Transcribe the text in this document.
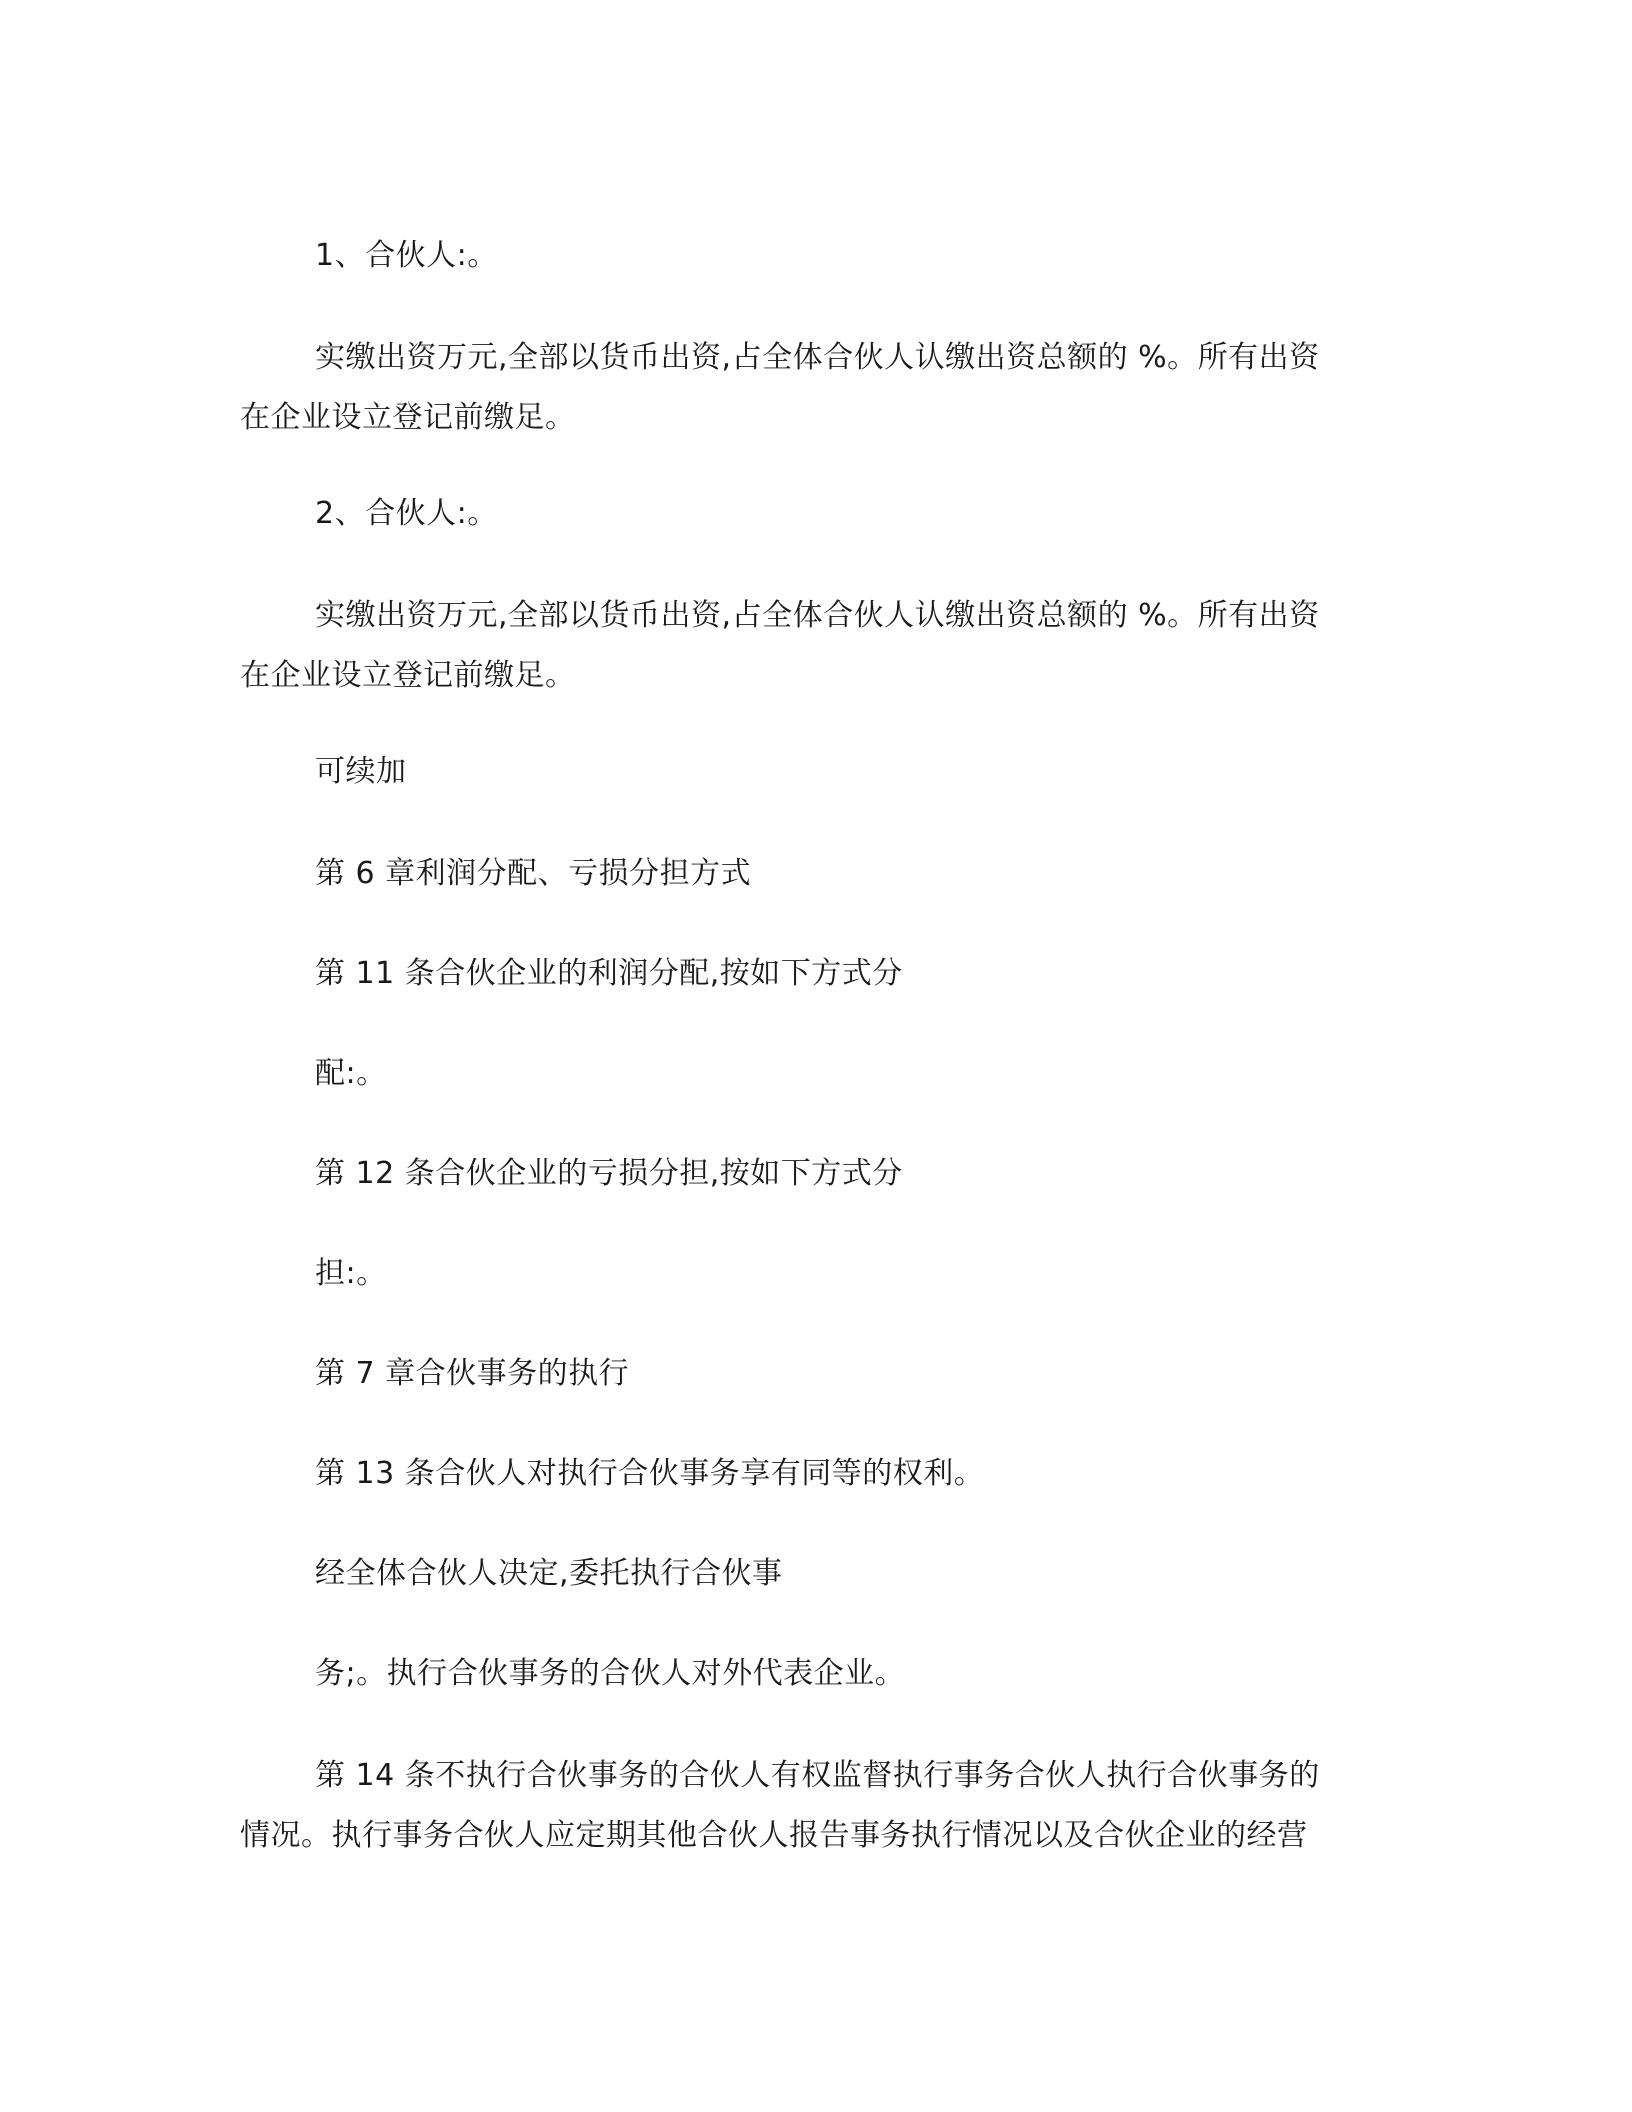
1、合伙人:。

实缴出资万元,全部以货币出资,占全体合伙人认缴出资总额的 %。所有出资

在企业设立登记前缴足。

2、合伙人:。

实缴出资万元,全部以货币出资,占全体合伙人认缴出资总额的 %。所有出资

在企业设立登记前缴足。

可续加

第 6 章利润分配、亏损分担方式

第 11 条合伙企业的利润分配,按如下方式分

配:。

第 12 条合伙企业的亏损分担,按如下方式分

担:。

第 7 章合伙事务的执行

第 13 条合伙人对执行合伙事务享有同等的权利。

经全体合伙人决定,委托执行合伙事

务;。执行合伙事务的合伙人对外代表企业。

第 14 条不执行合伙事务的合伙人有权监督执行事务合伙人执行合伙事务的

情况。执行事务合伙人应定期其他合伙人报告事务执行情况以及合伙企业的经营
